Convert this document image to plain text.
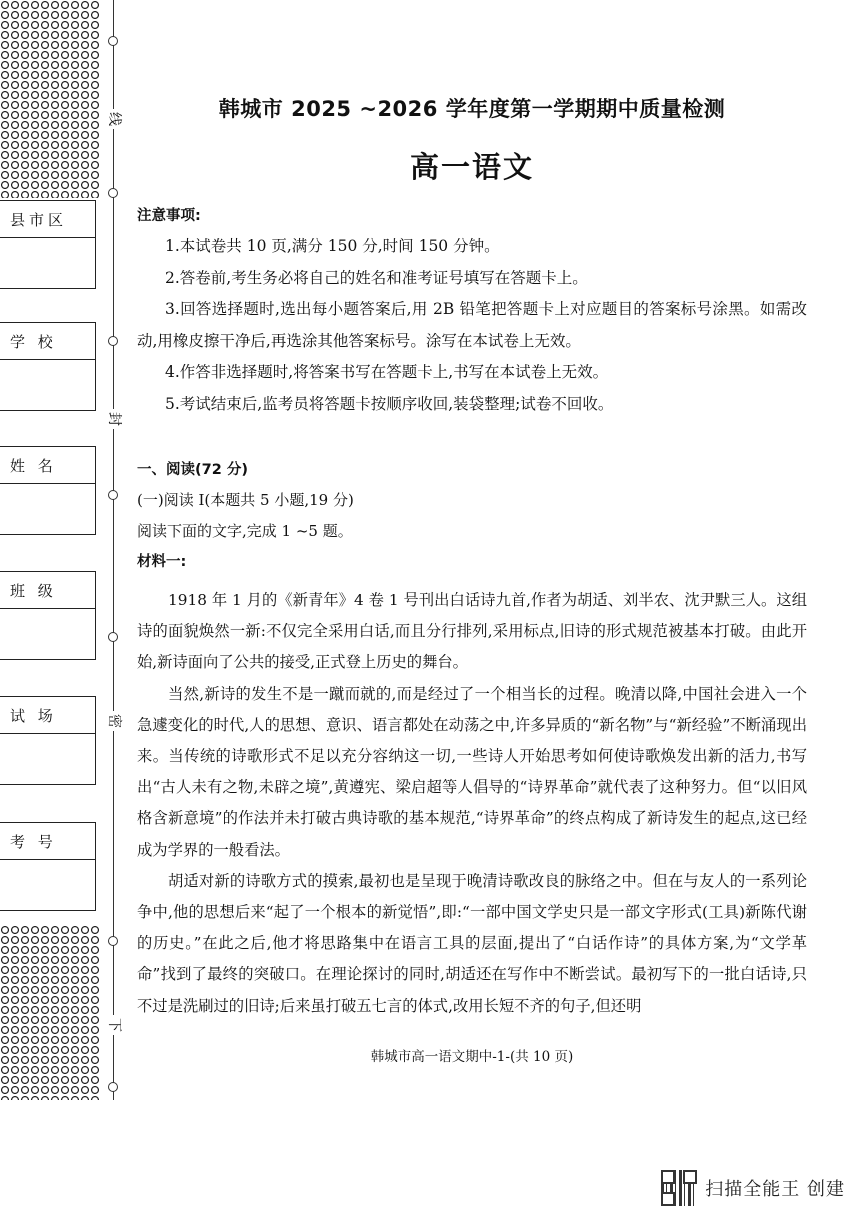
县市区
学 校
姓 名
班 级
试 场
考 号
线
封
密
下
韩城市 2025 ~2026 学年度第一学期期中质量检测
高一语文
注意事项:
1.本试卷共 10 页,满分 150 分,时间 150 分钟。
2.答卷前,考生务必将自己的姓名和准考证号填写在答题卡上。
3.回答选择题时,选出每小题答案后,用 2B 铅笔把答题卡上对应题目的答案标号涂黑。如需改动,用橡皮擦干净后,再选涂其他答案标号。涂写在本试卷上无效。
4.作答非选择题时,将答案书写在答题卡上,书写在本试卷上无效。
5.考试结束后,监考员将答题卡按顺序收回,装袋整理;试卷不回收。
一、阅读(72 分)
(一)阅读 I(本题共 5 小题,19 分)
阅读下面的文字,完成 1 ~5 题。
材料一:

1918 年 1 月的《新青年》4 卷 1 号刊出白话诗九首,作者为胡适、刘半农、沈尹默三人。这组诗的面貌焕然一新:不仅完全采用白话,而且分行排列,采用标点,旧诗的形式规范被基本打破。由此开始,新诗面向了公共的接受,正式登上历史的舞台。

当然,新诗的发生不是一蹴而就的,而是经过了一个相当长的过程。晚清以降,中国社会进入一个急遽变化的时代,人的思想、意识、语言都处在动荡之中,许多异质的“新名物”与“新经验”不断涌现出来。当传统的诗歌形式不足以充分容纳这一切,一些诗人开始思考如何使诗歌焕发出新的活力,书写出“古人未有之物,未辟之境”,黄遵宪、梁启超等人倡导的“诗界革命”就代表了这种努力。但“以旧风格含新意境”的作法并未打破古典诗歌的基本规范,“诗界革命”的终点构成了新诗发生的起点,这已经成为学界的一般看法。

胡适对新的诗歌方式的摸索,最初也是呈现于晚清诗歌改良的脉络之中。但在与友人的一系列论争中,他的思想后来“起了一个根本的新觉悟”,即:“一部中国文学史只是一部文字形式(工具)新陈代谢的历史。”在此之后,他才将思路集中在语言工具的层面,提出了“白话作诗”的具体方案,为“文学革命”找到了最终的突破口。在理论探讨的同时,胡适还在写作中不断尝试。最初写下的一批白话诗,只不过是洗刷过的旧诗;后来虽打破五七言的体式,改用长短不齐的句子,但还明

韩城市高一语文期中-1-(共 10 页)
扫描全能王 创建
